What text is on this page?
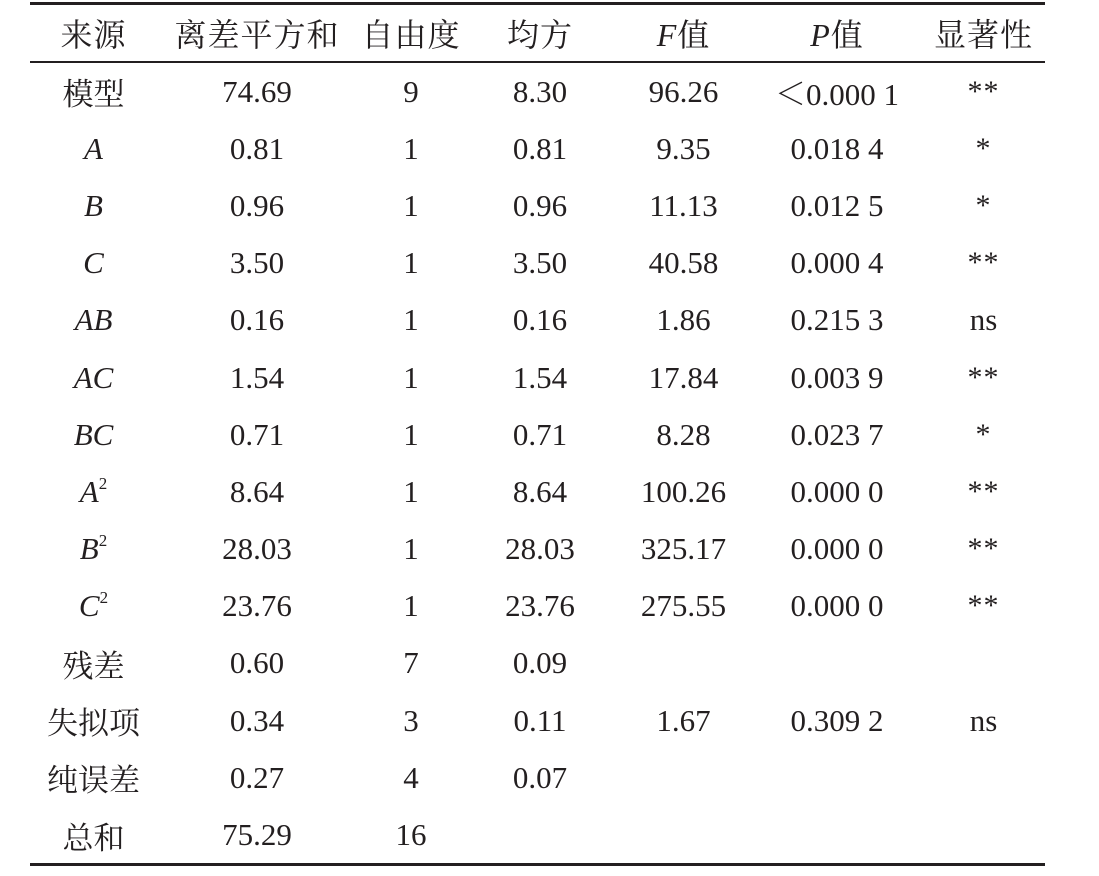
来源	离差平方和	自由度	均方	F值	P值	显著性
模型	74.69	9	8.30	96.26	＜0.000 1	**
A	0.81	1	0.81	9.35	0.018 4	*
B	0.96	1	0.96	11.13	0.012 5	*
C	3.50	1	3.50	40.58	0.000 4	**
AB	0.16	1	0.16	1.86	0.215 3	ns
AC	1.54	1	1.54	17.84	0.003 9	**
BC	0.71	1	0.71	8.28	0.023 7	*
$A^2$	8.64	1	8.64	100.26	0.000 0	**
$B^2$	28.03	1	28.03	325.17	0.000 0	**
$C^2$	23.76	1	23.76	275.55	0.000 0	**
残差	0.60	7	0.09			
失拟项	0.34	3	0.11	1.67	0.309 2	ns
纯误差	0.27	4	0.07			
总和	75.29	16				
